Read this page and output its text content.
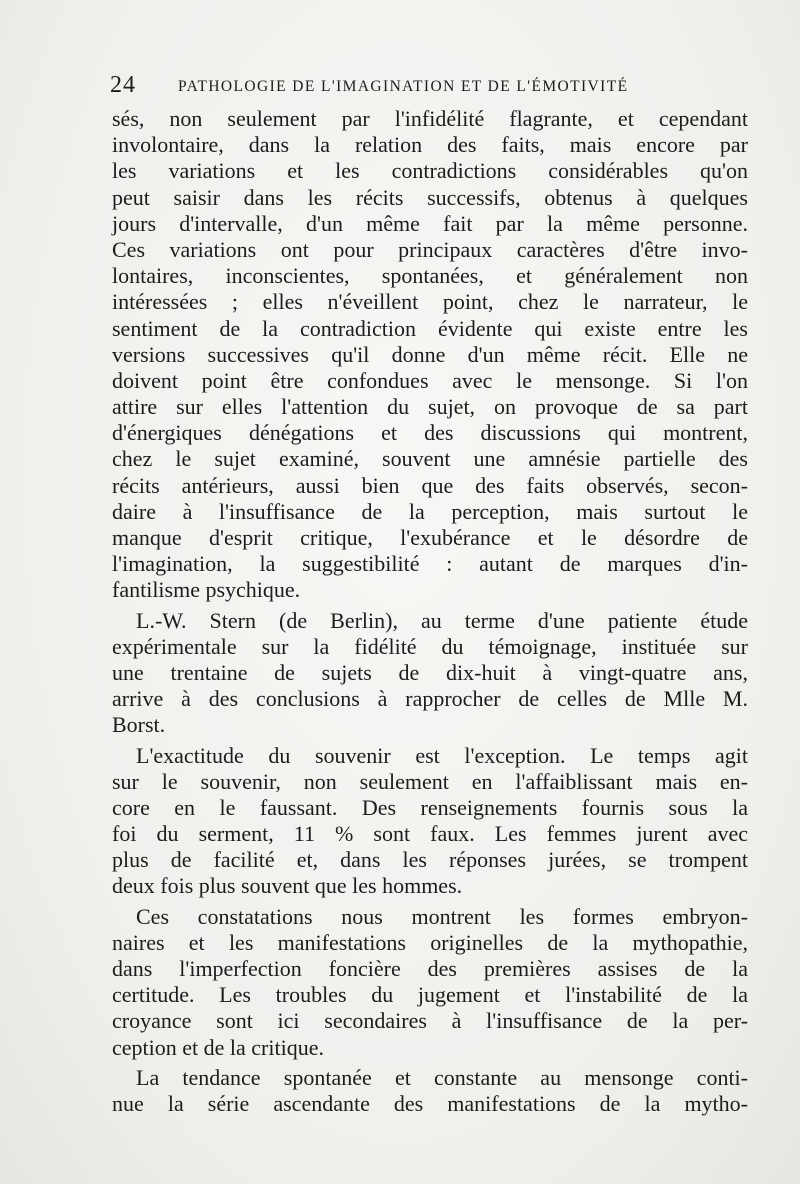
24	PATHOLOGIE DE L'IMAGINATION ET DE L'ÉMOTIVITÉ
sés, non seulement par l'infidélité flagrante, et cependant
involontaire, dans la relation des faits, mais encore par
les variations et les contradictions considérables qu'on
peut saisir dans les récits successifs, obtenus à quelques
jours d'intervalle, d'un même fait par la même personne.
Ces variations ont pour principaux caractères d'être invo-
lontaires, inconscientes, spontanées, et généralement non
intéressées ; elles n'éveillent point, chez le narrateur, le
sentiment de la contradiction évidente qui existe entre les
versions successives qu'il donne d'un même récit. Elle ne
doivent point être confondues avec le mensonge. Si l'on
attire sur elles l'attention du sujet, on provoque de sa part
d'énergiques dénégations et des discussions qui montrent,
chez le sujet examiné, souvent une amnésie partielle des
récits antérieurs, aussi bien que des faits observés, secon-
daire à l'insuffisance de la perception, mais surtout le
manque d'esprit critique, l'exubérance et le désordre de
l'imagination, la suggestibilité : autant de marques d'in-
fantilisme psychique.
L.-W. Stern (de Berlin), au terme d'une patiente étude
expérimentale sur la fidélité du témoignage, instituée sur
une trentaine de sujets de dix-huit à vingt-quatre ans,
arrive à des conclusions à rapprocher de celles de Mlle M.
Borst.
L'exactitude du souvenir est l'exception. Le temps agit
sur le souvenir, non seulement en l'affaiblissant mais en-
core en le faussant. Des renseignements fournis sous la
foi du serment, 11 % sont faux. Les femmes jurent avec
plus de facilité et, dans les réponses jurées, se trompent
deux fois plus souvent que les hommes.
Ces constatations nous montrent les formes embryon-
naires et les manifestations originelles de la mythopathie,
dans l'imperfection foncière des premières assises de la
certitude. Les troubles du jugement et l'instabilité de la
croyance sont ici secondaires à l'insuffisance de la per-
ception et de la critique.
La tendance spontanée et constante au mensonge conti-
nue la série ascendante des manifestations de la mytho-
